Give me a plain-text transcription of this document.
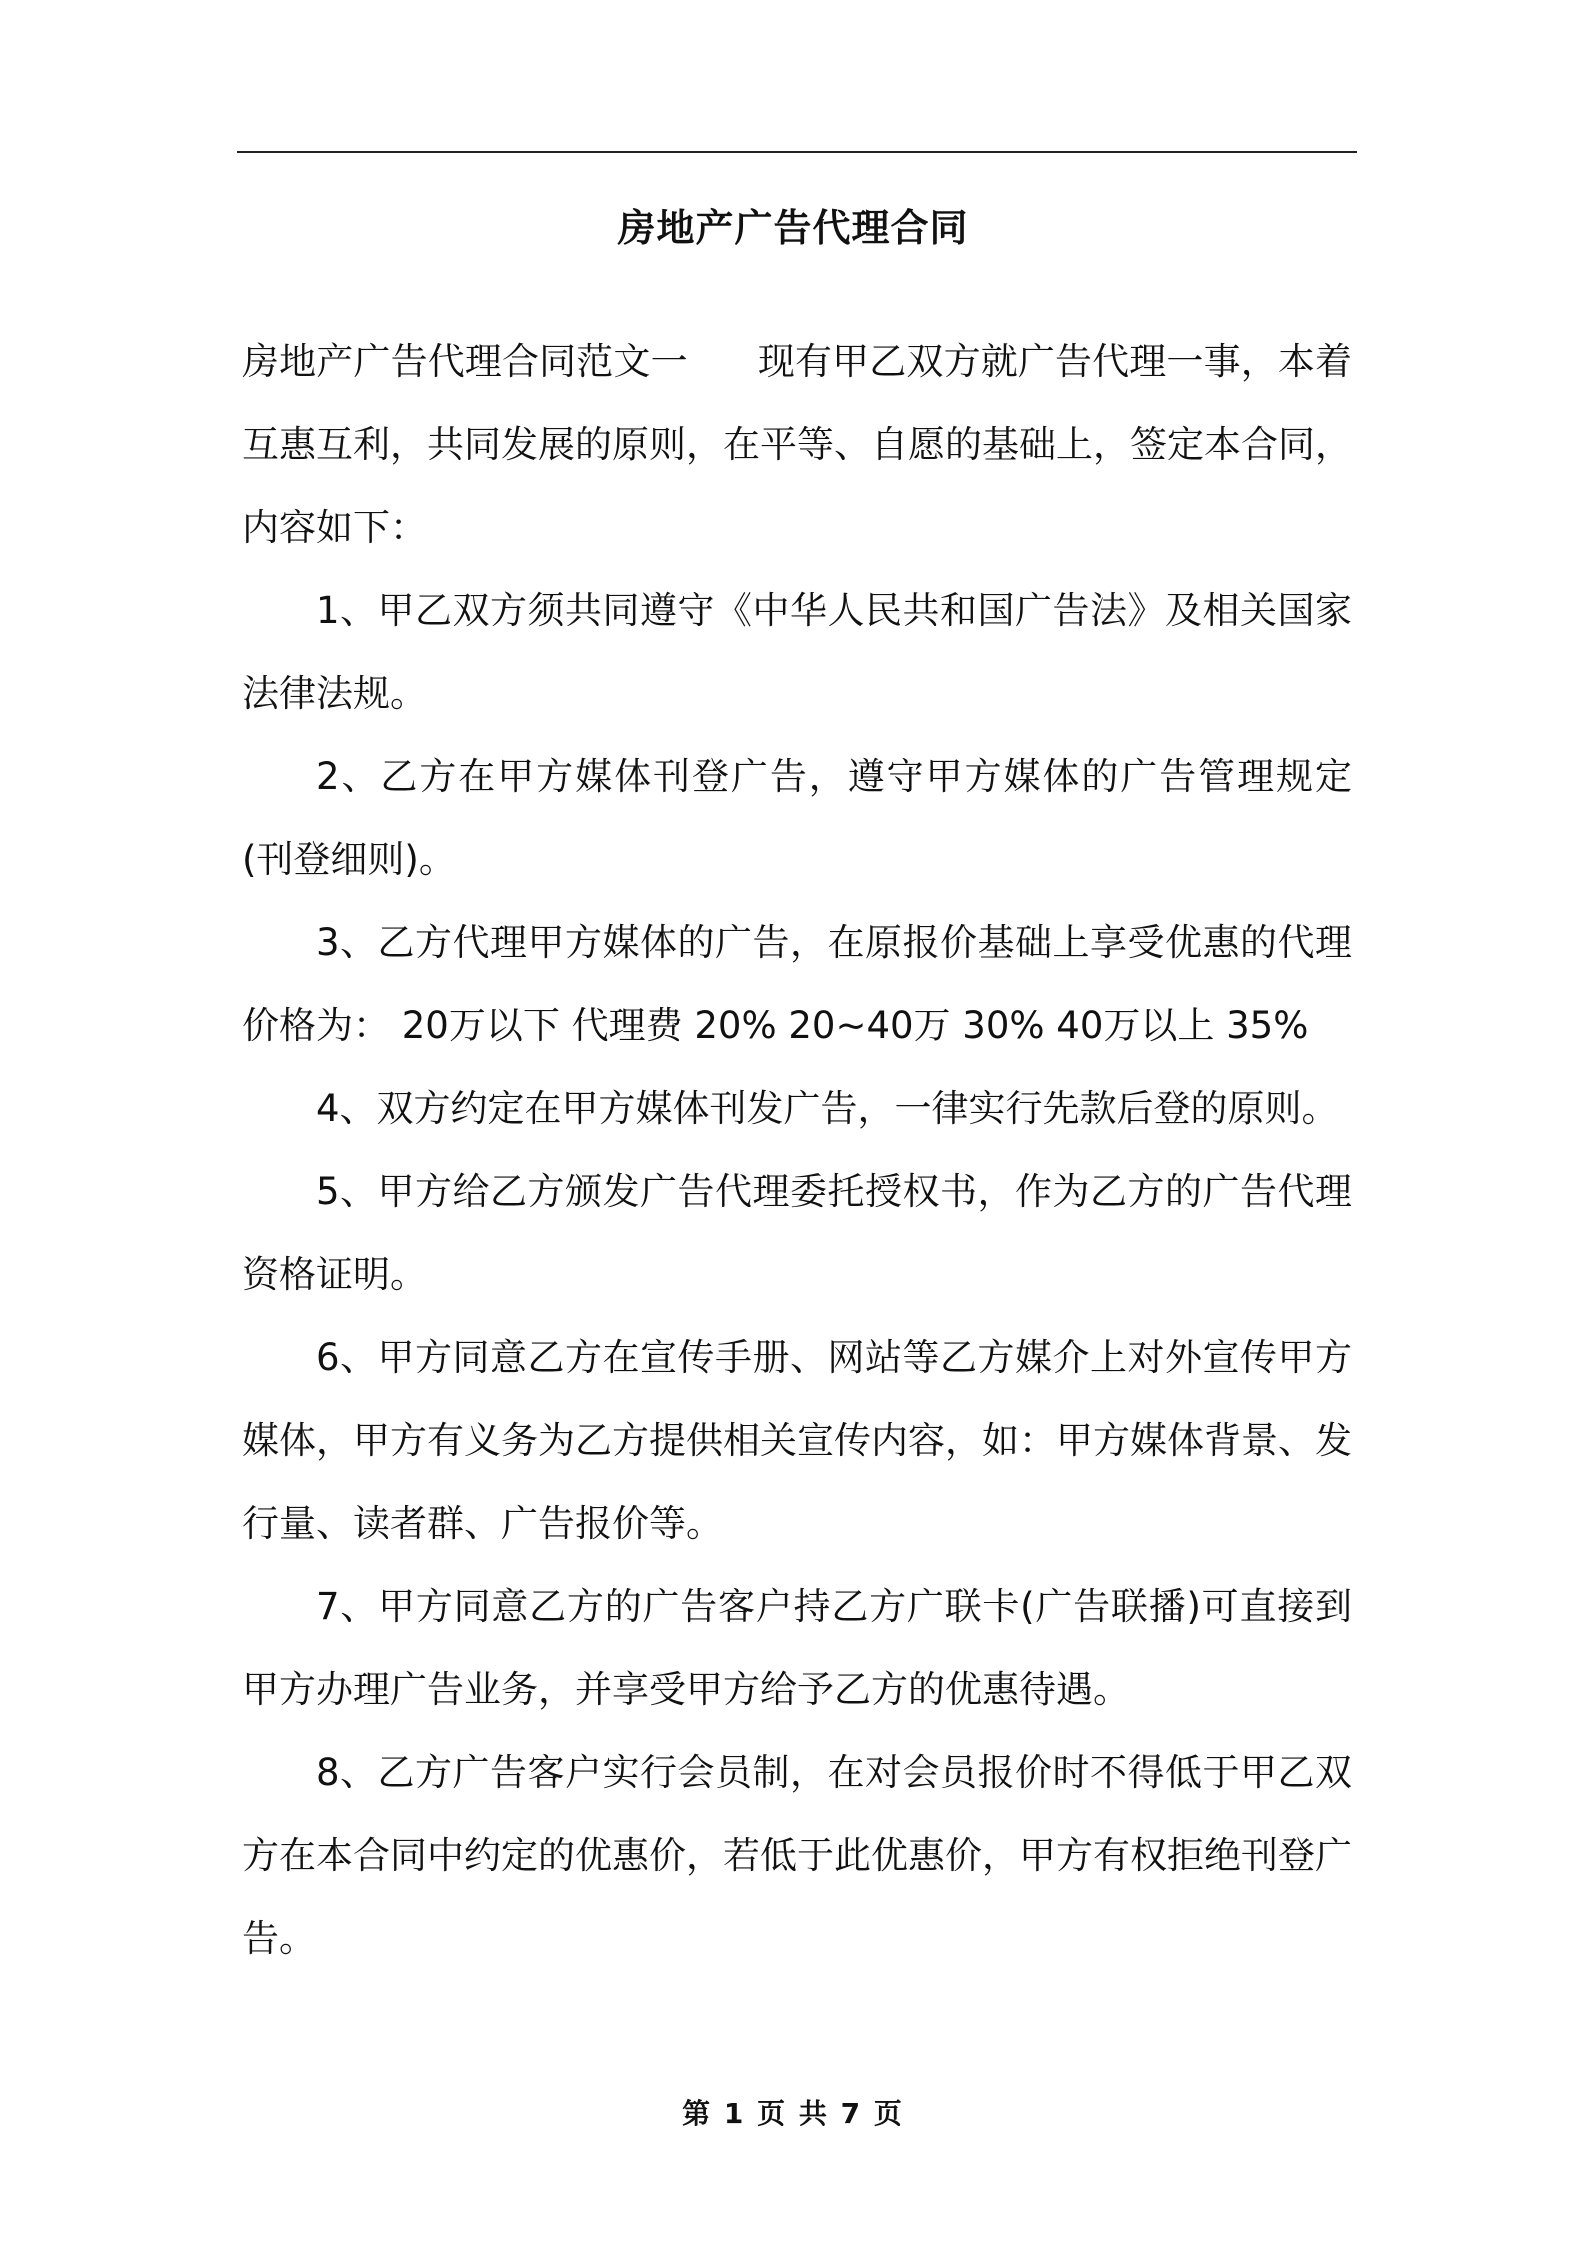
房地产广告代理合同

房地产广告代理合同范文一 现有甲乙双方就广告代理一事，本着互惠互利，共同发展的原则，在平等、自愿的基础上，签定本合同，内容如下：

1、甲乙双方须共同遵守《中华人民共和国广告法》及相关国家法律法规。

2、乙方在甲方媒体刊登广告，遵守甲方媒体的广告管理规定(刊登细则)。

3、乙方代理甲方媒体的广告，在原报价基础上享受优惠的代理价格为： 20万以下 代理费 20% 20~40万 30% 40万以上 35%

4、双方约定在甲方媒体刊发广告，一律实行先款后登的原则。

5、甲方给乙方颁发广告代理委托授权书，作为乙方的广告代理资格证明。

6、甲方同意乙方在宣传手册、网站等乙方媒介上对外宣传甲方媒体，甲方有义务为乙方提供相关宣传内容，如：甲方媒体背景、发行量、读者群、广告报价等。

7、甲方同意乙方的广告客户持乙方广联卡(广告联播)可直接到甲方办理广告业务，并享受甲方给予乙方的优惠待遇。

8、乙方广告客户实行会员制，在对会员报价时不得低于甲乙双方在本合同中约定的优惠价，若低于此优惠价，甲方有权拒绝刊登广告。

第 1 页 共 7 页
